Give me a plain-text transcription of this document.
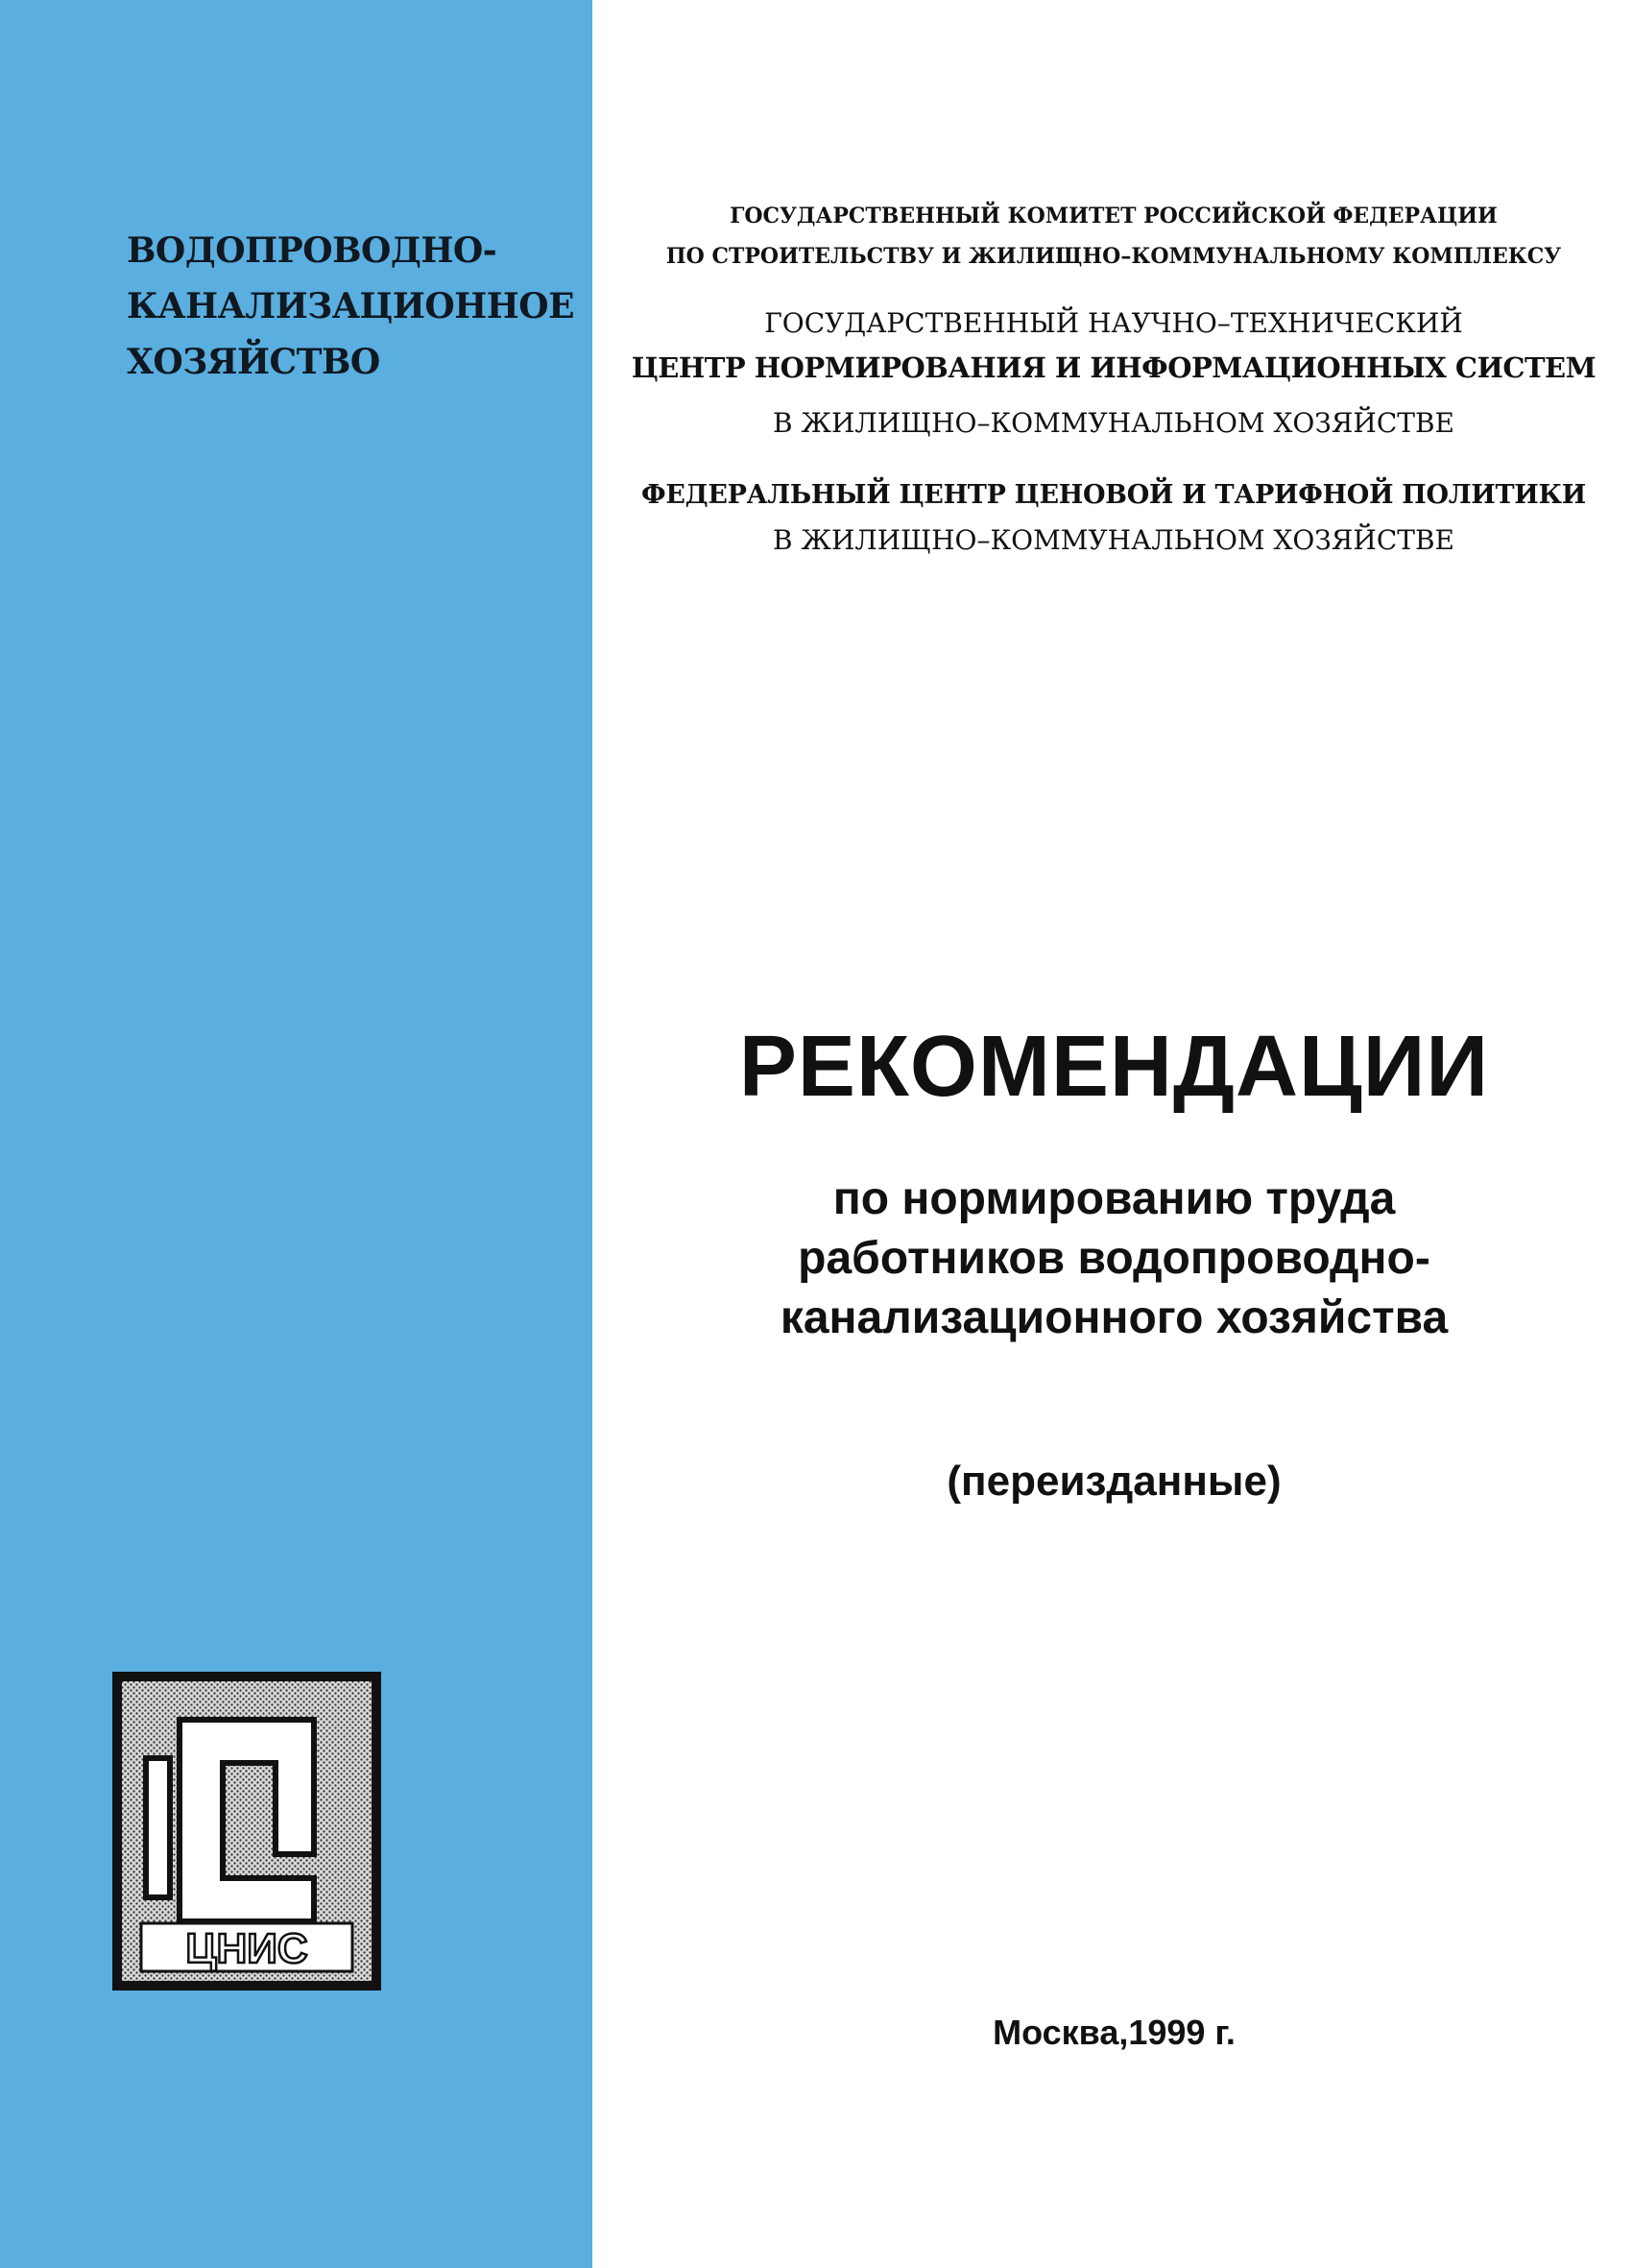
ВОДОПРОВОДНО-
КАНАЛИЗАЦИОННОЕ
ХОЗЯЙСТВО
ГОСУДАРСТВЕННЫЙ КОМИТЕТ РОССИЙСКОЙ ФЕДЕРАЦИИ
ПО СТРОИТЕЛЬСТВУ И ЖИЛИЩНО–КОММУНАЛЬНОМУ КОМПЛЕКСУ
ГОСУДАРСТВЕННЫЙ НАУЧНО–ТЕХНИЧЕСКИЙ
ЦЕНТР НОРМИРОВАНИЯ И ИНФОРМАЦИОННЫХ СИСТЕМ
В ЖИЛИЩНО–КОММУНАЛЬНОМ ХОЗЯЙСТВЕ
ФЕДЕРАЛЬНЫЙ ЦЕНТР ЦЕНОВОЙ И ТАРИФНОЙ ПОЛИТИКИ
В ЖИЛИЩНО–КОММУНАЛЬНОМ ХОЗЯЙСТВЕ
РЕКОМЕНДАЦИИ
по нормированию труда
работников водопроводно-
канализационного хозяйства
(переизданные)
ЦНИС
Москва,1999 г.
